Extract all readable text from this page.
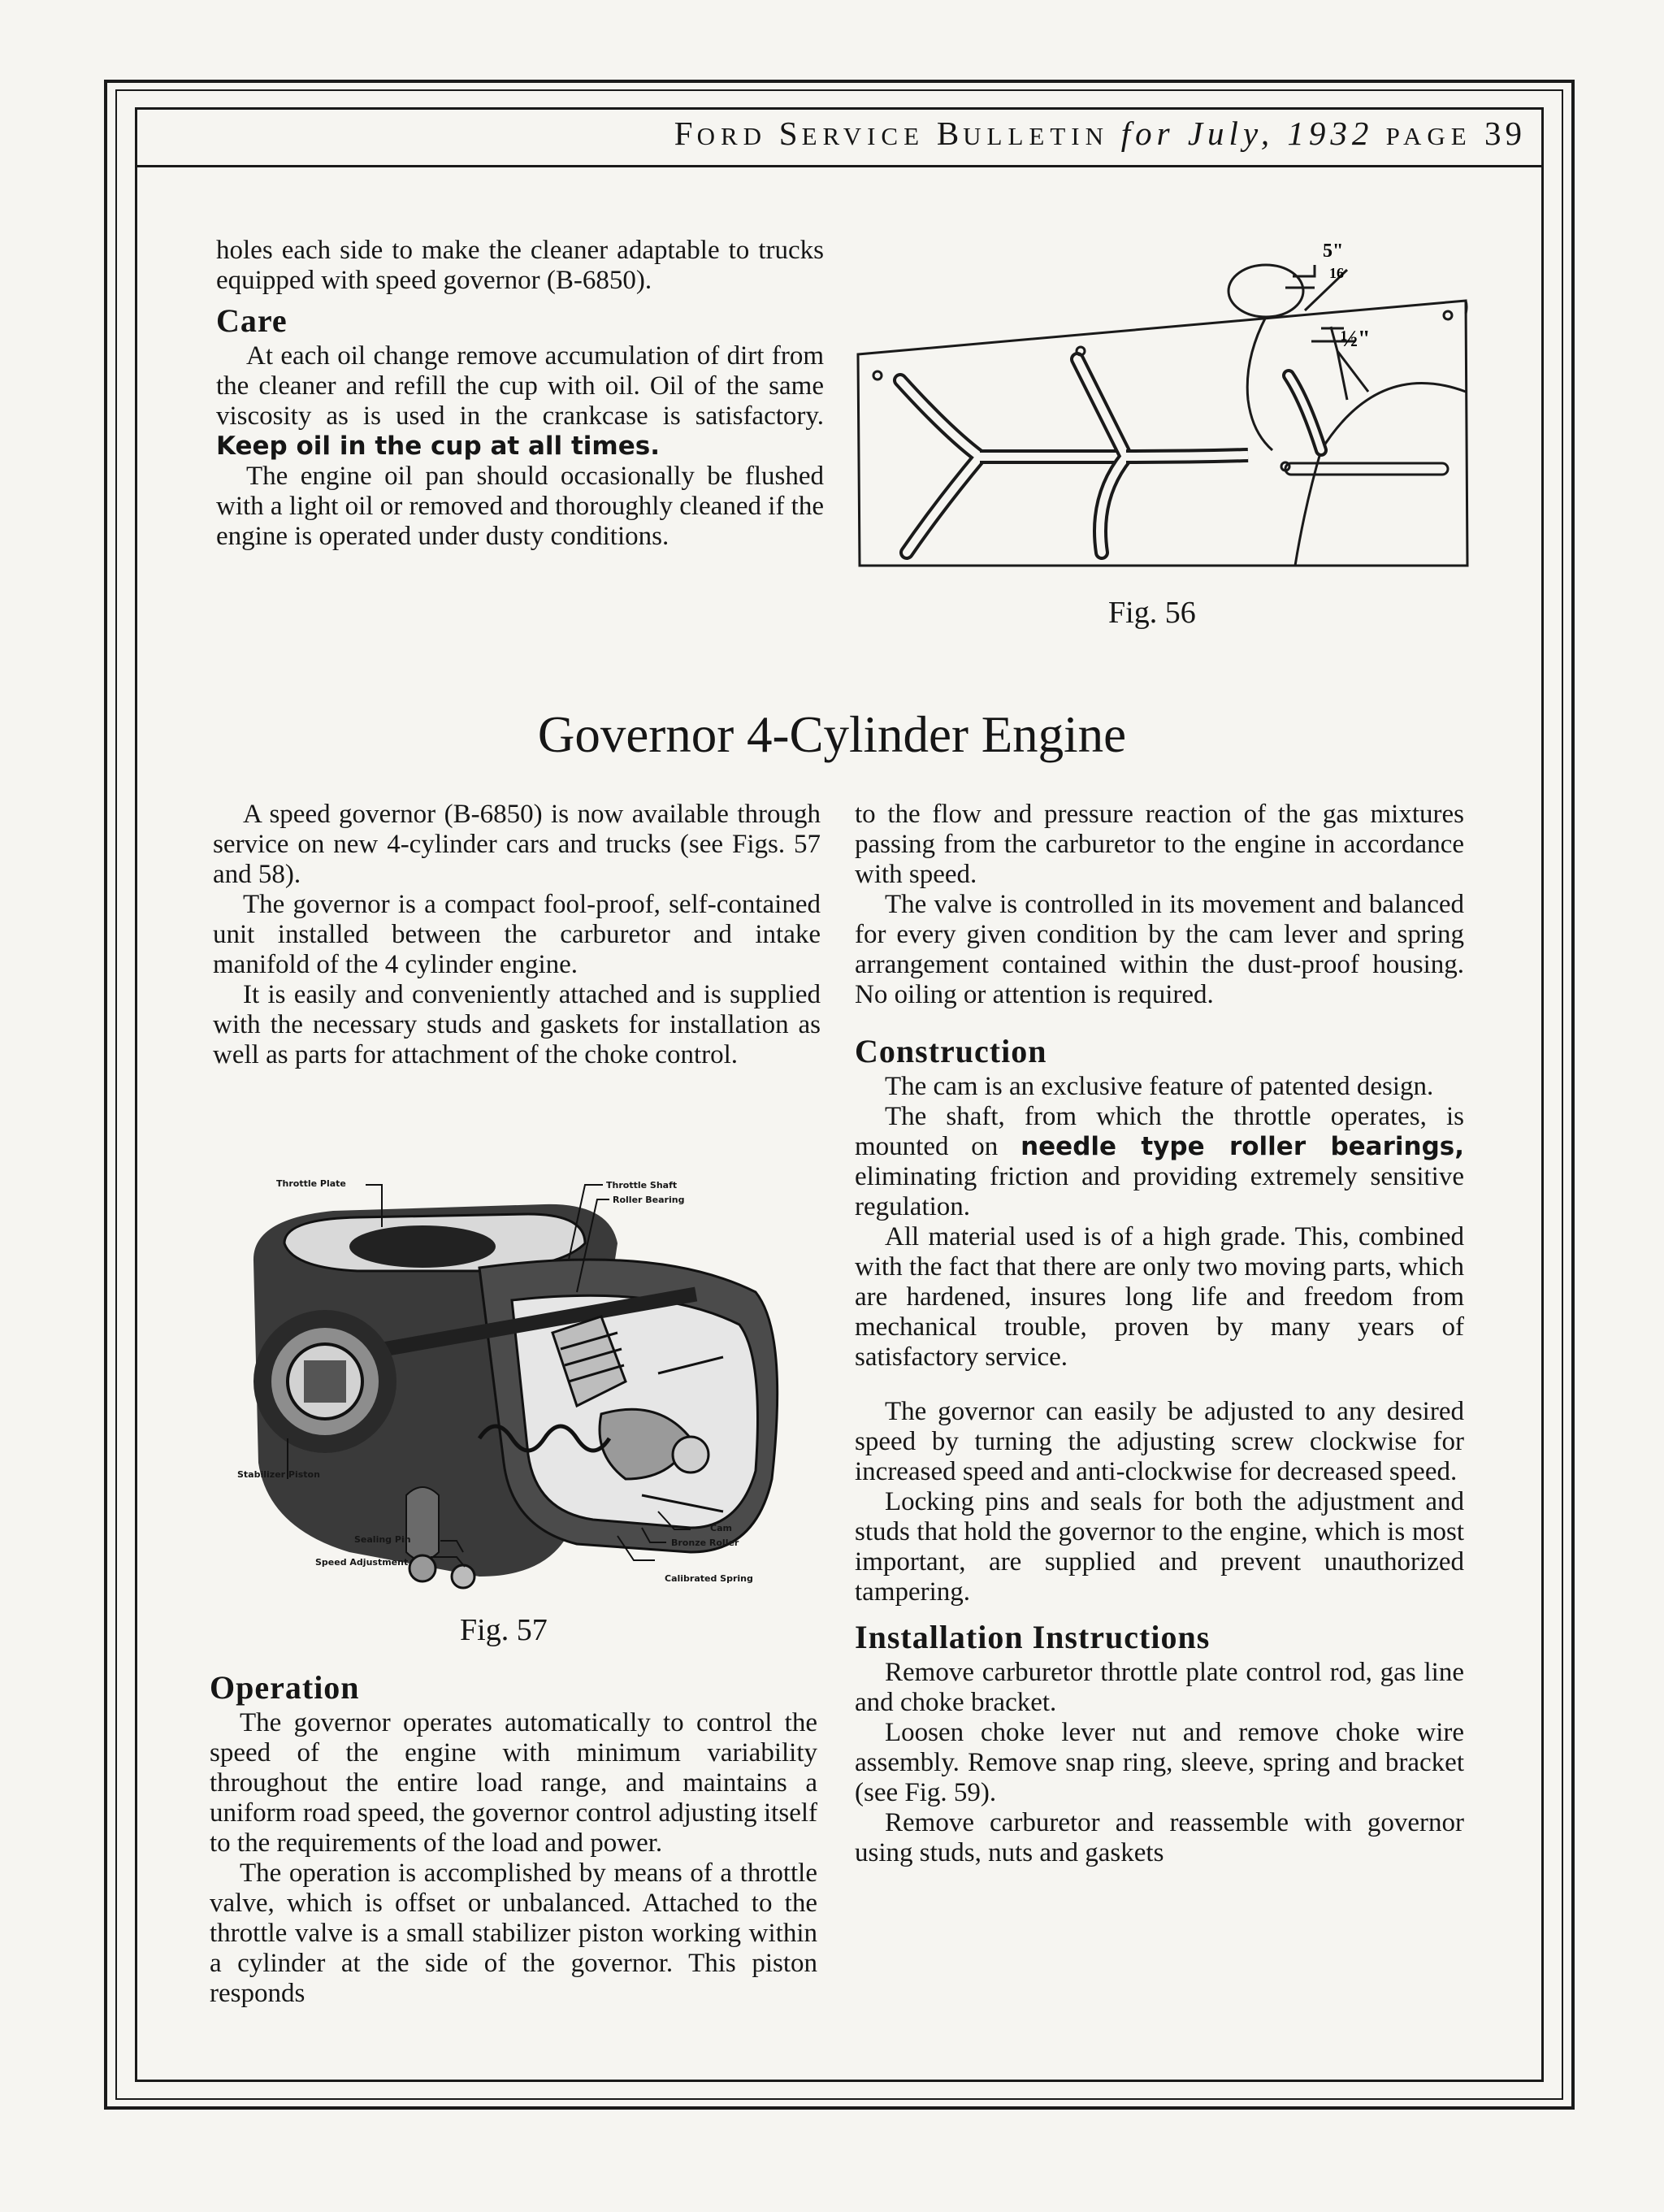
FORD SERVICE BULLETIN for July, 1932 PAGE 39

holes each side to make the cleaner adaptable to trucks equipped with speed governor (B-6850).

Care

At each oil change remove accumulation of dirt from the cleaner and refill the cup with oil. Oil of the same viscosity as is used in the crankcase is satisfactory. Keep oil in the cup at all times.

The engine oil pan should occasionally be flushed with a light oil or removed and thoroughly cleaned if the engine is operated under dusty conditions.

5"
16
½"
Fig. 56
Governor 4-Cylinder Engine

A speed governor (B-6850) is now available through service on new 4-cylinder cars and trucks (see Figs. 57 and 58).

The governor is a compact fool-proof, self-contained unit installed between the carburetor and intake manifold of the 4 cylinder engine.

It is easily and conveniently attached and is supplied with the necessary studs and gaskets for installation as well as parts for attachment of the choke control.

Throttle Plate	Throttle Shaft
Roller Bearing
Stabilizer Piston
Sealing Pin
Speed Adjustment
Cam
Bronze Roller
Calibrated Spring
Fig. 57
Operation

The governor operates automatically to control the speed of the engine with minimum variability throughout the entire load range, and maintains a uniform road speed, the governor control adjusting itself to the requirements of the load and power.

The operation is accomplished by means of a throttle valve, which is offset or unbalanced. Attached to the throttle valve is a small stabilizer piston working within a cylinder at the side of the governor. This piston responds

to the flow and pressure reaction of the gas mixtures passing from the carburetor to the engine in accordance with speed.

The valve is controlled in its movement and balanced for every given condition by the cam lever and spring arrangement contained within the dust-proof housing. No oiling or attention is required.

Construction

The cam is an exclusive feature of patented design.

The shaft, from which the throttle operates, is mounted on needle type roller bearings, eliminating friction and providing extremely sensitive regulation.

All material used is of a high grade. This, combined with the fact that there are only two moving parts, which are hardened, insures long life and freedom from mechanical trouble, proven by many years of satisfactory service.

The governor can easily be adjusted to any desired speed by turning the adjusting screw clockwise for increased speed and anti-clockwise for decreased speed.

Locking pins and seals for both the adjustment and studs that hold the governor to the engine, which is most important, are supplied and prevent unauthorized tampering.

Installation Instructions

Remove carburetor throttle plate control rod, gas line and choke bracket.

Loosen choke lever nut and remove choke wire assembly. Remove snap ring, sleeve, spring and bracket (see Fig. 59).

Remove carburetor and reassemble with governor using studs, nuts and gaskets
